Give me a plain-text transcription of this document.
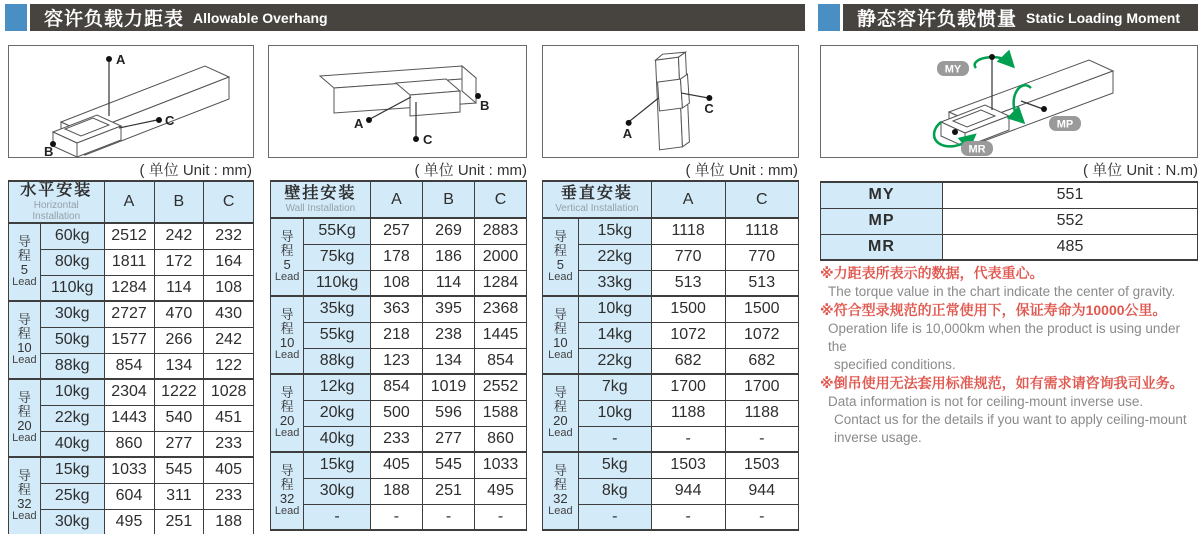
容许负载力距表 Allowable Overhang	静态容许负载惯量 Static Loading Moment
A
B
C	A
B
C	A
C
MY
MP
MR
( 单位 Unit : mm)	( 单位 Unit : mm)	( 单位 Unit : mm)	( 单位 Unit : N.m)
水平安装
Horizontal Installation		A	B	C

导
程
5
Lead	60kg	2512	242	232
	80kg	1811	172	164
	110kg	1284	114	108

导
程
10
Lead	30kg	2727	470	430
	50kg	1577	266	242
	88kg	854	134	122

导
程
20
Lead	10kg	2304	1222	1028
	22kg	1443	540	451
	40kg	860	277	233

导
程
32
Lead	15kg	1033	545	405
	25kg	604	311	233
	30kg	495	251	188
壁挂安装
Wall Installation		A	B	C

导
程
5
Lead	55Kg	257	269	2883
	75kg	178	186	2000
	110kg	108	114	1284

导
程
10
Lead	35kg	363	395	2368
	55kg	218	238	1445
	88kg	123	134	854

导
程
20
Lead	12kg	854	1019	2552
	20kg	500	596	1588
	40kg	233	277	860

导
程
32
Lead	15kg	405	545	1033
	30kg	188	251	495
	-	-	-	-
垂直安装
Vertical Installation		A	C

导
程
5
Lead	15kg	1118	1118
	22kg	770	770
	33kg	513	513

导
程
10
Lead	10kg	1500	1500
	14kg	1072	1072
	22kg	682	682

导
程
20
Lead	7kg	1700	1700
	10kg	1188	1188
	-	-	-

导
程
32
Lead	5kg	1503	1503
	8kg	944	944
	-	-	-
MY	551
MP	552
MR	485
※力距表所表示的数据，代表重心。
The torque value in the chart indicate the center of gravity.
※符合型录规范的正常使用下，保证寿命为10000公里。
Operation life is 10,000km when the product is using under the
specified conditions.
※倒吊使用无法套用标准规范，如有需求请咨询我司业务。
Data information is not for ceiling-mount inverse use.
Contact us for the details if you want to apply ceiling-mount
inverse usage.
